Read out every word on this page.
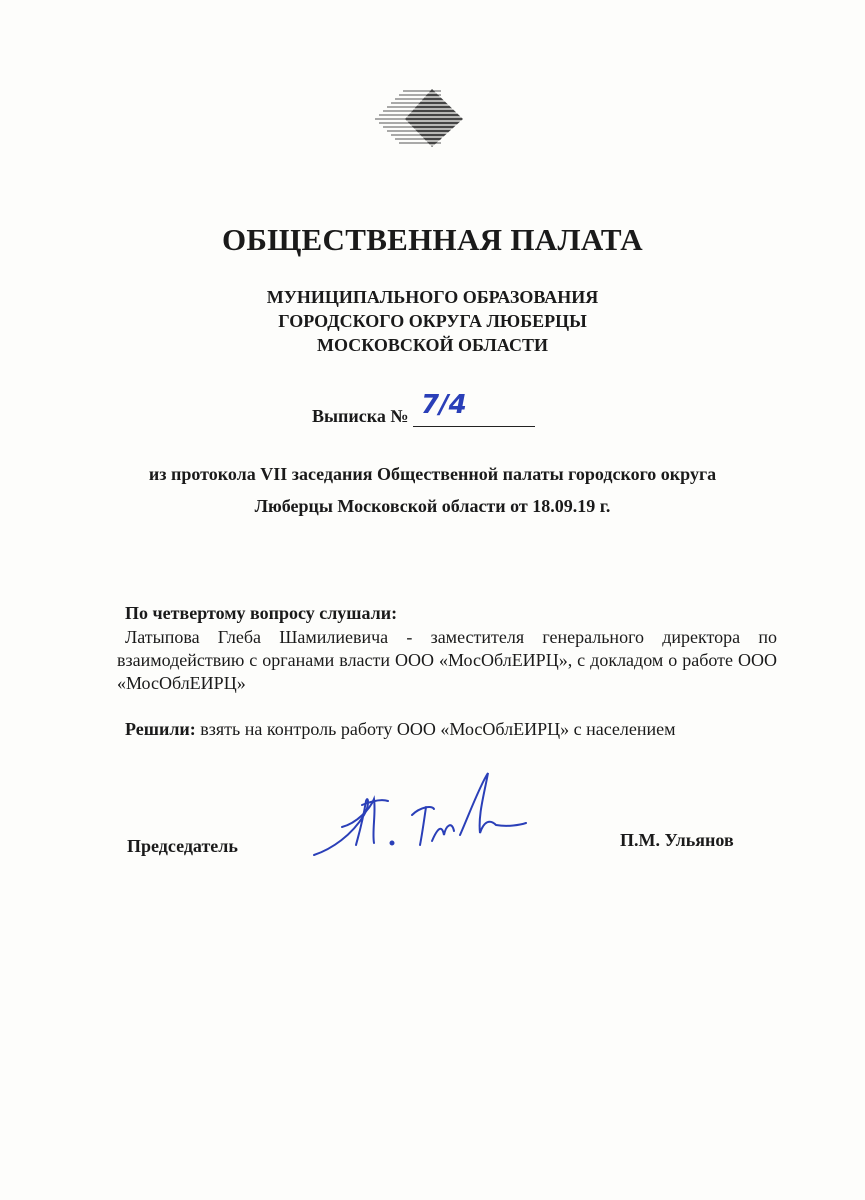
ОБЩЕСТВЕННАЯ ПАЛАТА
МУНИЦИПАЛЬНОГО ОБРАЗОВАНИЯ
ГОРОДСКОГО ОКРУГА ЛЮБЕРЦЫ
МОСКОВСКОЙ ОБЛАСТИ
Выписка № 7/4
из протокола VII заседания Общественной палаты городского округа
Люберцы Московской области от 18.09.19 г.
По четвертому вопросу слушали:
Латыпова Глеба Шамилиевича - заместителя генерального директора по взаимодействию с органами власти ООО «МосОблЕИРЦ», с докладом о работе ООО «МосОблЕИРЦ»
Решили: взять на контроль работу ООО «МосОблЕИРЦ» с населением
Председатель	П.М. Ульянов
